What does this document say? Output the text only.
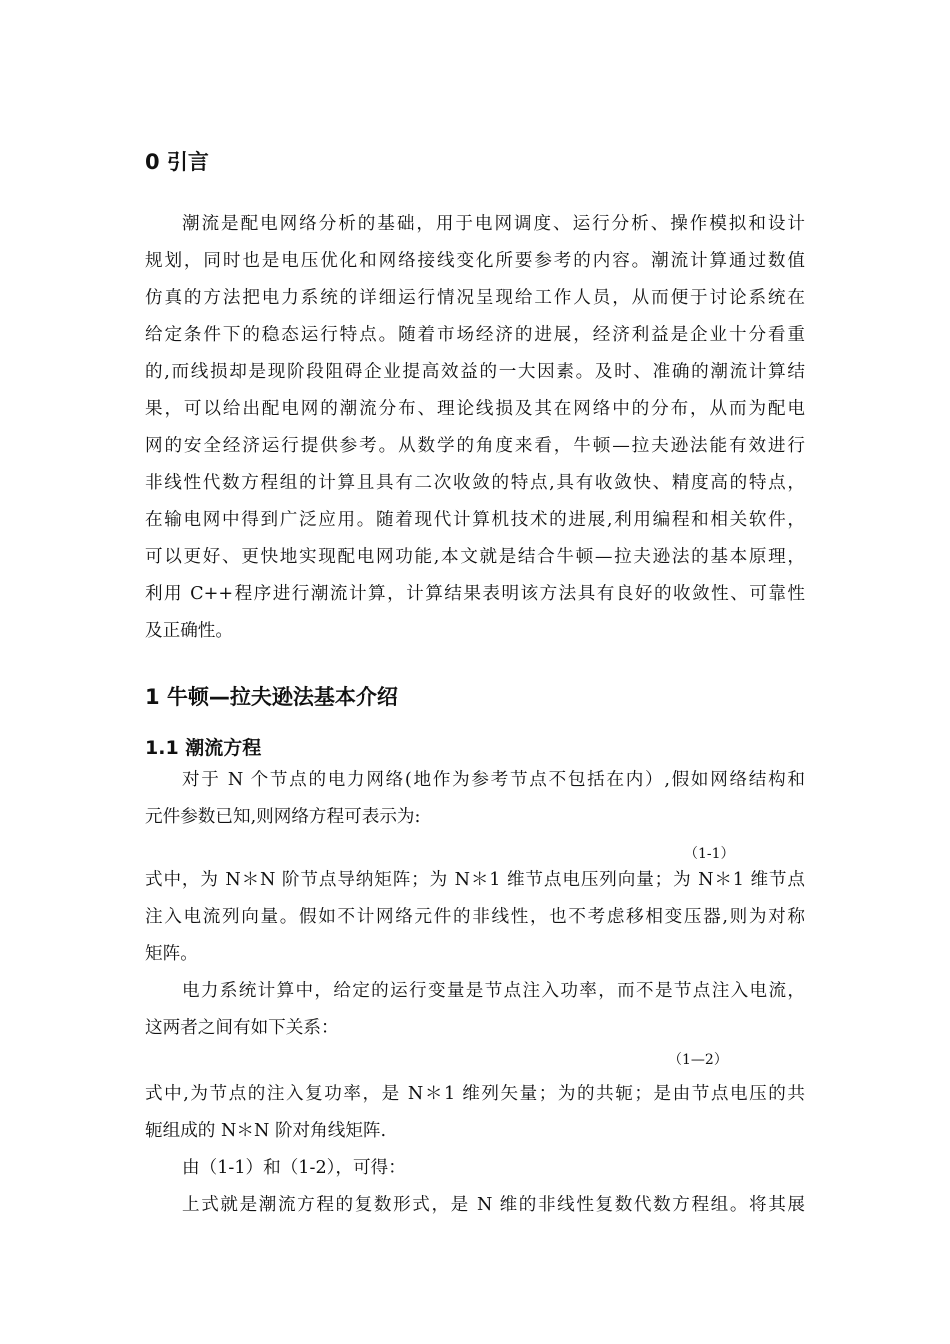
0 引言

潮流是配电网络分析的基础，用于电网调度、运行分析、操作模拟和设计

规划，同时也是电压优化和网络接线变化所要参考的内容。潮流计算通过数值

仿真的方法把电力系统的详细运行情况呈现给工作人员，从而便于讨论系统在

给定条件下的稳态运行特点。随着市场经济的进展，经济利益是企业十分看重

的,而线损却是现阶段阻碍企业提高效益的一大因素。及时、准确的潮流计算结

果，可以给出配电网的潮流分布、理论线损及其在网络中的分布，从而为配电

网的安全经济运行提供参考。从数学的角度来看，牛顿—拉夫逊法能有效进行

非线性代数方程组的计算且具有二次收敛的特点,具有收敛快、精度高的特点，

在输电网中得到广泛应用。随着现代计算机技术的进展,利用编程和相关软件，

可以更好、更快地实现配电网功能,本文就是结合牛顿—拉夫逊法的基本原理，

利用 C++程序进行潮流计算，计算结果表明该方法具有良好的收敛性、可靠性

及正确性。

1 牛顿—拉夫逊法基本介绍
1.1 潮流方程

对于 N 个节点的电力网络(地作为参考节点不包括在内）,假如网络结构和

元件参数已知,则网络方程可表示为:

（1-1）

式中，为 N＊N 阶节点导纳矩阵；为 N＊1 维节点电压列向量；为 N＊1 维节点

注入电流列向量。假如不计网络元件的非线性，也不考虑移相变压器,则为对称

矩阵。

电力系统计算中，给定的运行变量是节点注入功率，而不是节点注入电流，

这两者之间有如下关系：

（1—2）

式中,为节点的注入复功率，是 N＊1 维列矢量；为的共轭；是由节点电压的共

轭组成的 N＊N 阶对角线矩阵.

由（1-1）和（1-2），可得：

上式就是潮流方程的复数形式，是 N 维的非线性复数代数方程组。将其展
